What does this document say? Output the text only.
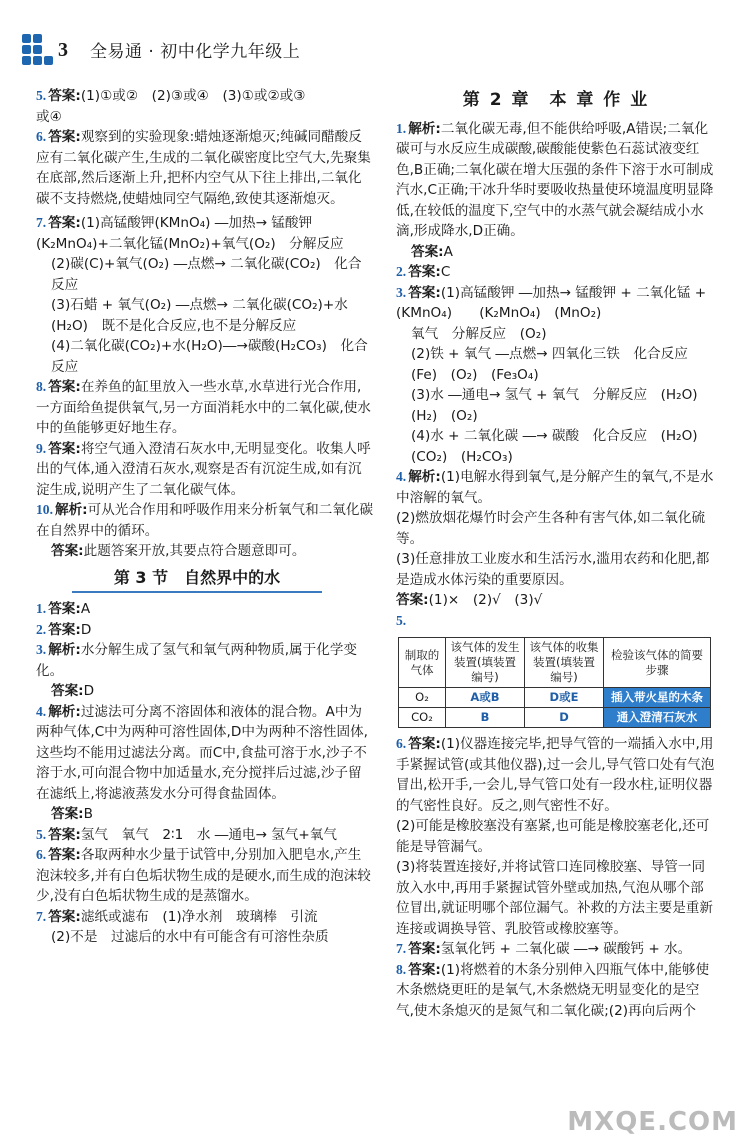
3 全易通 · 初中化学九年级上

5. 答案:(1)①或②　(2)③或④　(3)①或②或③
或④

6. 答案:观察到的实验现象:蜡烛逐渐熄灭;纯碱同醋酸反应有二氧化碳产生,生成的二氧化碳密度比空气大,先聚集在底部,然后逐渐上升,把杯内空气从下往上排出,二氧化碳不支持燃烧,使蜡烛同空气隔绝,致使其逐渐熄灭。

7. 答案:(1)高锰酸钾(KMnO₄) ―加热→ 锰酸钾(K₂MnO₄)+二氧化锰(MnO₂)+氧气(O₂)　分解反应

(2)碳(C)+氧气(O₂) ―点燃→ 二氧化碳(CO₂)　化合反应

(3)石蜡 + 氧气(O₂) ―点燃→ 二氧化碳(CO₂)+水(H₂O)　既不是化合反应,也不是分解反应

(4)二氧化碳(CO₂)+水(H₂O)―→碳酸(H₂CO₃)　化合反应

8. 答案:在养鱼的缸里放入一些水草,水草进行光合作用,一方面给鱼提供氧气,另一方面消耗水中的二氧化碳,使水中的鱼能够更好地生存。

9. 答案:将空气通入澄清石灰水中,无明显变化。收集人呼出的气体,通入澄清石灰水,观察是否有沉淀生成,如有沉淀生成,说明产生了二氧化碳气体。

10. 解析:可从光合作用和呼吸作用来分析氧气和二氧化碳在自然界中的循环。

答案:此题答案开放,其要点符合题意即可。

第 3 节　自然界中的水

1. 答案:A

2. 答案:D

3. 解析:水分解生成了氢气和氧气两种物质,属于化学变化。

答案:D

4. 解析:过滤法可分离不溶固体和液体的混合物。A中为两种气体,C中为两种可溶性固体,D中为两种不溶性固体,这些均不能用过滤法分离。而C中,食盐可溶于水,沙子不溶于水,可向混合物中加适量水,充分搅拌后过滤,沙子留在滤纸上,将滤液蒸发水分可得食盐固体。

答案:B

5. 答案:氢气　氧气　2∶1　水 ―通电→ 氢气+氧气

6. 答案:各取两种水少量于试管中,分别加入肥皂水,产生泡沫较多,并有白色垢状物生成的是硬水,而生成的泡沫较少,没有白色垢状物生成的是蒸馏水。

7. 答案:滤纸或滤布　(1)净水剂　玻璃棒　引流

(2)不是　过滤后的水中有可能含有可溶性杂质

第 2 章　本 章 作 业

1. 解析:二氧化碳无毒,但不能供给呼吸,A错误;二氧化碳可与水反应生成碳酸,碳酸能使紫色石蕊试液变红色,B正确;二氧化碳在增大压强的条件下溶于水可制成汽水,C正确;干冰升华时要吸收热量使环境温度明显降低,在较低的温度下,空气中的水蒸气就会凝结成小水滴,形成降水,D正确。

答案:A

2. 答案:C

3. 答案:(1)高锰酸钾 ―加热→ 锰酸钾 + 二氧化锰 +　　(KMnO₄)　　(K₂MnO₄)　(MnO₂)

氧气　分解反应　(O₂)

(2)铁 + 氧气 ―点燃→ 四氧化三铁　化合反应　(Fe)　(O₂)　(Fe₃O₄)

(3)水 ―通电→ 氢气 + 氧气　分解反应　(H₂O)　(H₂)　(O₂)

(4)水 + 二氧化碳 ―→ 碳酸　化合反应　(H₂O)　(CO₂)　(H₂CO₃)

4. 解析:(1)电解水得到氧气,是分解产生的氧气,不是水中溶解的氧气。

(2)燃放烟花爆竹时会产生各种有害气体,如二氧化硫等。

(3)任意排放工业废水和生活污水,滥用农药和化肥,都是造成水体污染的重要原因。

答案:(1)×　(2)√　(3)√

5.

制取的气体	该气体的发生装置(填装置编号)	该气体的收集装置(填装置编号)	检验该气体的简要步骤
O₂	A或B	D或E	插入带火星的木条
CO₂	B	D	通入澄清石灰水

6. 答案:(1)仪器连接完毕,把导气管的一端插入水中,用手紧握试管(或其他仪器),过一会儿,导气管口处有气泡冒出,松开手,一会儿,导气管口处有一段水柱,证明仪器的气密性良好。反之,则气密性不好。

(2)可能是橡胶塞没有塞紧,也可能是橡胶塞老化,还可能是导管漏气。

(3)将装置连接好,并将试管口连同橡胶塞、导管一同放入水中,再用手紧握试管外壁或加热,气泡从哪个部位冒出,就证明哪个部位漏气。补救的方法主要是重新连接或调换导管、乳胶管或橡胶塞等。

7. 答案:氢氧化钙 + 二氧化碳 ―→ 碳酸钙 + 水。

8. 答案:(1)将燃着的木条分别伸入四瓶气体中,能够使木条燃烧更旺的是氧气,木条燃烧无明显变化的是空气,使木条熄灭的是氮气和二氧化碳;(2)再向后两个

MXQE.COM
